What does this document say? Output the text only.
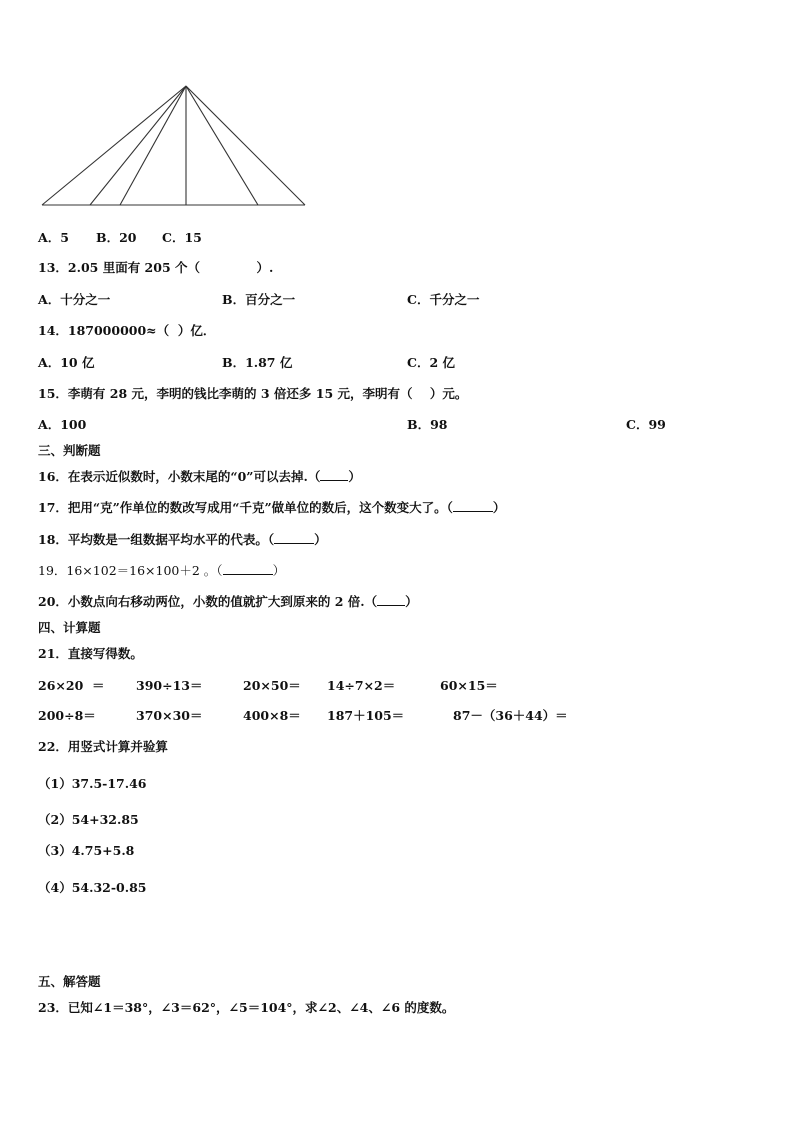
A．5 B．20 C．15
13．2.05 里面有 205 个（             ）.
A．十分之一	B．百分之一	C．千分之一
14．187000000≈（  ）亿．
A．10 亿	B．1.87 亿	C．2 亿
15．李萌有 28 元，李明的钱比李萌的 3 倍还多 15 元，李明有（    ）元。
A．100	B．98	C．99
三、判断题
16．在表示近似数时，小数末尾的“0”可以去掉.（ ）
17．把用“克”作单位的数改写成用“千克”做单位的数后，这个数变大了。（	）
18．平均数是一组数据平均水平的代表。（	）
19．16×102＝16×100＋2 。（	）
20．小数点向右移动两位，小数的值就扩大到原来的 2 倍.（ ）
四、计算题
21．直接写得数。
26×20  ＝	390÷13＝	20×50＝ 14÷7×2＝	60×15＝
200÷8＝	370×30＝	400×8＝ 187＋105＝	87－（36＋44）＝
22．用竖式计算并验算
（1）37.5-17.46
（2）54+32.85
（3）4.75+5.8
（4）54.32-0.85
五、解答题
23．已知∠1＝38°，∠3＝62°，∠5＝104°，求∠2、∠4、∠6 的度数。
